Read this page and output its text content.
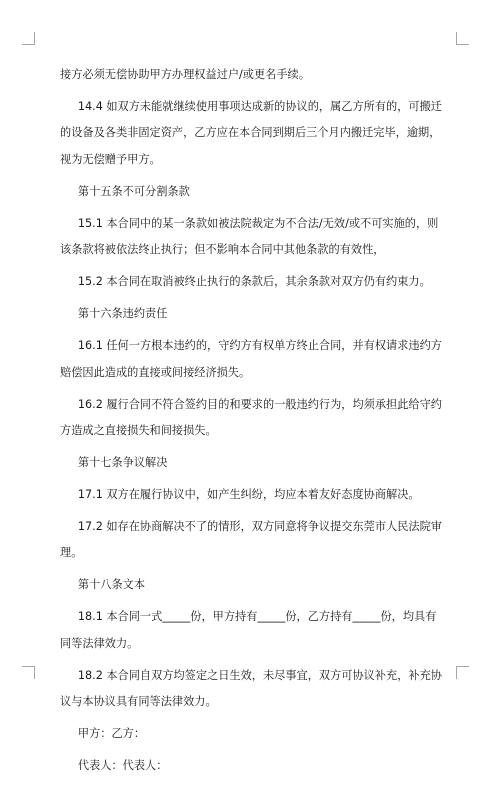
接方必须无偿协助甲方办理权益过户/或更名手续。

14.4 如双方未能就继续使用事项达成新的协议的，属乙方所有的，可搬迁的设备及各类非固定资产，乙方应在本合同到期后三个月内搬迁完毕，逾期，视为无偿赠予甲方。

第十五条不可分割条款

15.1 本合同中的某一条款如被法院裁定为不合法/无效/或不可实施的，则该条款将被依法终止执行；但不影响本合同中其他条款的有效性，

15.2 本合同在取消被终止执行的条款后，其余条款对双方仍有约束力。

第十六条违约责任

16.1 任何一方根本违约的，守约方有权单方终止合同，并有权请求违约方赔偿因此造成的直接或间接经济损失。

16.2 履行合同不符合签约目的和要求的一般违约行为，均须承担此给守约方造成之直接损失和间接损失。

第十七条争议解决

17.1 双方在履行协议中，如产生纠纷，均应本着友好态度协商解决。

17.2 如存在协商解决不了的情形，双方同意将争议提交东莞市人民法院审理。

第十八条文本

18.1 本合同一式_____份，甲方持有_____份，乙方持有_____份，均具有同等法律效力。

18.2 本合同自双方均签定之日生效，未尽事宜，双方可协议补充，补充协议与本协议具有同等法律效力。

甲方：乙方：

代表人：代表人：
